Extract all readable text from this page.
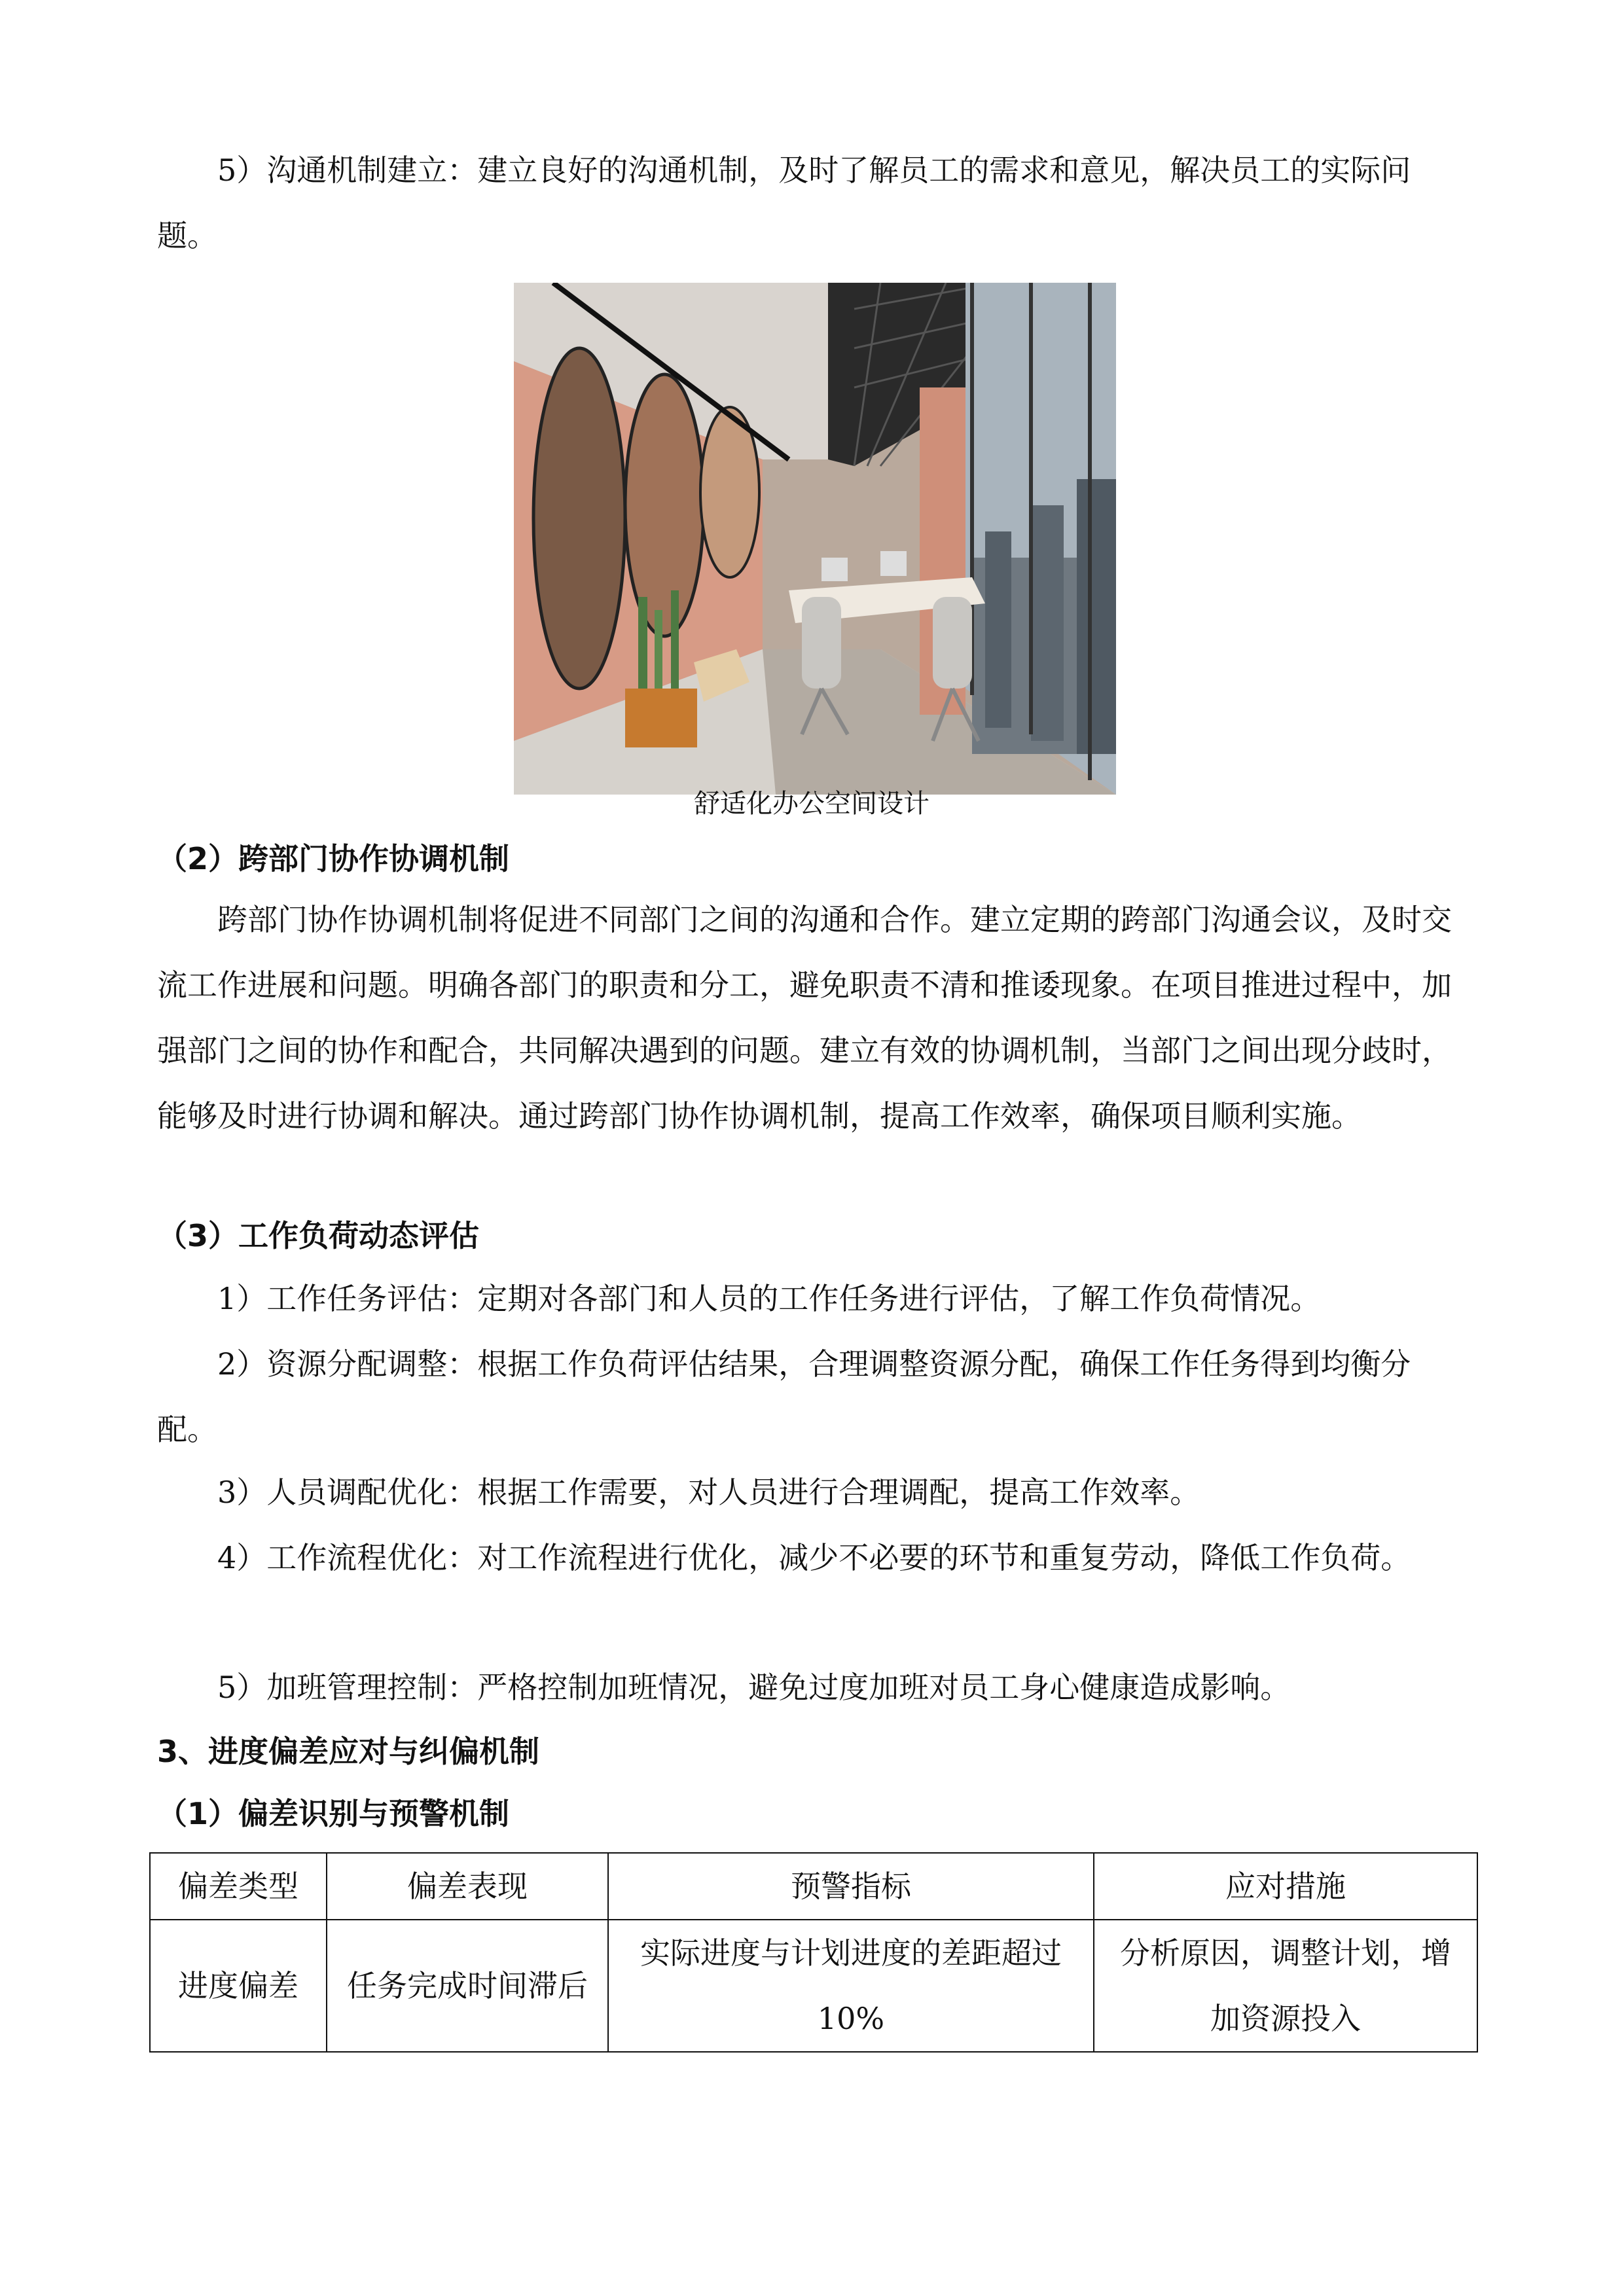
5）沟通机制建立：建立良好的沟通机制，及时了解员工的需求和意见，解决员工的实际问题。

舒适化办公空间设计
（2）跨部门协作协调机制

跨部门协作协调机制将促进不同部门之间的沟通和合作。建立定期的跨部门沟通会议，及时交流工作进展和问题。明确各部门的职责和分工，避免职责不清和推诿现象。在项目推进过程中，加强部门之间的协作和配合，共同解决遇到的问题。建立有效的协调机制，当部门之间出现分歧时，能够及时进行协调和解决。通过跨部门协作协调机制，提高工作效率，确保项目顺利实施。

（3）工作负荷动态评估

1）工作任务评估：定期对各部门和人员的工作任务进行评估，了解工作负荷情况。

2）资源分配调整：根据工作负荷评估结果，合理调整资源分配，确保工作任务得到均衡分配。

3）人员调配优化：根据工作需要，对人员进行合理调配，提高工作效率。

4）工作流程优化：对工作流程进行优化，减少不必要的环节和重复劳动，降低工作负荷。

5）加班管理控制：严格控制加班情况，避免过度加班对员工身心健康造成影响。

3、进度偏差应对与纠偏机制
（1）偏差识别与预警机制
偏差类型	偏差表现	预警指标	应对措施
进度偏差	任务完成时间滞后	实际进度与计划进度的差距超过10%	分析原因，调整计划，增加资源投入
